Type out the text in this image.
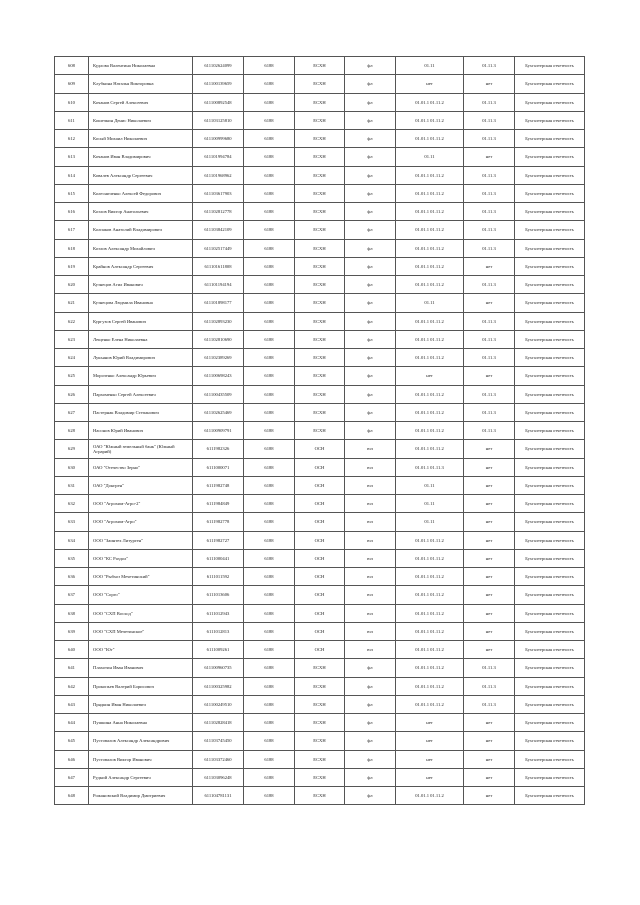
608	Кудлова Валентина Николаевна	611102624099	6188	ЕСХН	фл	01.11	01.11.3	Бухгалтерская отчетность
609	Клубкина Наталья Викторовна	611100139659	6188	ЕСХН	фл	нет	нет	Бухгалтерская отчетность
610	Кочанов Сергей Алексеевич	611100892548	6188	ЕСХН	фл	01.01.1 01.11.2	01.11.3	Бухгалтерская отчетность
611	Кошечкин Денис Николаевич	611103125810	6188	ЕСХН	фл	01.01.1 01.11.2	01.11.3	Бухгалтерская отчетность
612	Косый Михаил Николаевич	611100999680	6188	ЕСХН	фл	01.01.1 01.11.2	01.11.3	Бухгалтерская отчетность
613	Кочанов Иван Владимирович	611101994784	6188	ЕСХН	фл	01.11	нет	Бухгалтерская отчетность
614	Ковалев Александр Сергеевич	611101968962	6188	ЕСХН	фл	01.01.1 01.11.2	01.11.3	Бухгалтерская отчетность
615	Колесниченко Алексей Федорович	611103617903	6188	ЕСХН	фл	01.01.1 01.11.2	01.11.3	Бухгалтерская отчетность
616	Козлов Виктор Анатольевич	611102812778	6188	ЕСХН	фл	01.01.1 01.11.2	01.11.3	Бухгалтерская отчетность
617	Колпаков Анатолий Владимирович	611103842109	6188	ЕСХН	фл	01.01.1 01.11.2	01.11.3	Бухгалтерская отчетность
618	Козлов Александр Михайлович	611102517449	6188	ЕСХН	фл	01.01.1 01.11.2	01.11.3	Бухгалтерская отчетность
619	Крайнов Александр Сергеевич	611101611808	6188	ЕСХН	фл	01.01.1 01.11.2	нет	Бухгалтерская отчетность
620	Кузнецов Агил Иванович	611101194194	6188	ЕСХН	фл	01.01.1 01.11.2	01.11.3	Бухгалтерская отчетность
621	Кузнецова Людмила Ивановна	611101898177	6188	ЕСХН	фл	01.11	нет	Бухгалтерская отчетность
622	Кургузов Сергей Иванович	611102893230	6188	ЕСХН	фл	01.01.1 01.11.2	01.11.3	Бухгалтерская отчетность
623	Лещенко Елена Николаевна	611102810690	6188	ЕСХН	фл	01.01.1 01.11.2	01.11.3	Бухгалтерская отчетность
624	Лукьянов Юрий Владимирович	611102389269	6188	ЕСХН	фл	01.01.1 01.11.2	01.11.3	Бухгалтерская отчетность
625	Морозенко Александр Юрьевич	611100698243	6188	ЕСХН	фл	нет	нет	Бухгалтерская отчетность
626	Пархоменко Сергей Алексеевич	611100435509	6188	ЕСХН	фл	01.01.1 01.11.2	01.11.3	Бухгалтерская отчетность
627	Пастернак Владимир Степанович	611102625469	6188	ЕСХН	фл	01.01.1 01.11.2	01.11.3	Бухгалтерская отчетность
628	Насонов Юрий Иванович	611100909791	6188	ЕСХН	фл	01.01.1 01.11.2	01.11.3	Бухгалтерская отчетность
629	ОАО "Южный земельный банк" (Южный Аграрий)	6111982326	6188	ОСН	юл	01.01.1 01.11.2	нет	Бухгалтерская отчетность
630	ОАО "Отечество Зерно"	6111000071	6188	ОСН	юл	01.01.1 01.11.3	нет	Бухгалтерская отчетность
631	ОАО "Донгрен"	6111982748	6188	ОСН	юл	01.11	нет	Бухгалтерская отчетность
632	ООО "Агрохим-Агро-2"	6111984849	6188	ОСН	юл	01.11	нет	Бухгалтерская отчетность
633	ООО "Агрохим-Агро"	6111982778	6188	ОСН	юл	01.11	нет	Бухгалтерская отчетность
634	ООО "Заинтех Литурген"	6111982727	6188	ОСН	юл	01.01.1 01.11.2	нет	Бухгалтерская отчетность
635	ООО "КС Раздол"	6111000441	6188	ОСН	юл	01.01.1 01.11.2	нет	Бухгалтерская отчетность
636	ООО "Рыбхоз Мечетинский"	6111011592	6188	ОСН	юл	01.01.1 01.11.2	нет	Бухгалтерская отчетность
637	ООО "Сорго"	6111013606	6188	ОСН	юл	01.01.1 01.11.2	нет	Бухгалтерская отчетность
638	ООО "СХП Восход"	6111012943	6188	ОСН	юл	01.01.1 01.11.2	нет	Бухгалтерская отчетность
639	ООО "СХП Мечетинское"	6111012813	6188	ОСН	юл	01.01.1 01.11.2	нет	Бухгалтерская отчетность
640	ООО "Юг"	6111009261	6188	ОСН	юл	01.01.1 01.11.2	нет	Бухгалтерская отчетность
641	Плахотин Иван Иванович	611100960735	6188	ЕСХН	фл	01.01.1 01.11.2	01.11.3	Бухгалтерская отчетность
642	Прокопьев Валерий Борисович	611100325982	6188	ЕСХН	фл	01.01.1 01.11.2	01.11.3	Бухгалтерская отчетность
643	Прядкин Иван Николаевич	611100249510	6188	ЕСХН	фл	01.01.1 01.11.2	01.11.3	Бухгалтерская отчетность
644	Пушкина Анна Николаевна	611102828418	6188	ЕСХН	фл	нет	нет	Бухгалтерская отчетность
645	Пустовалов Александр Александрович	611103745450	6188	ЕСХН	фл	нет	нет	Бухгалтерская отчетность
646	Пустовалов Виктор Иванович	611103372460	6188	ЕСХН	фл	нет	нет	Бухгалтерская отчетность
647	Рудкий Александр Сергеевич	611103096248	6188	ЕСХН	фл	нет	нет	Бухгалтерская отчетность
648	Рожановский Владимир Дмитриевич	611104781131	6188	ЕСХН	фл	01.01.1 01.11.2	нет	Бухгалтерская отчетность
